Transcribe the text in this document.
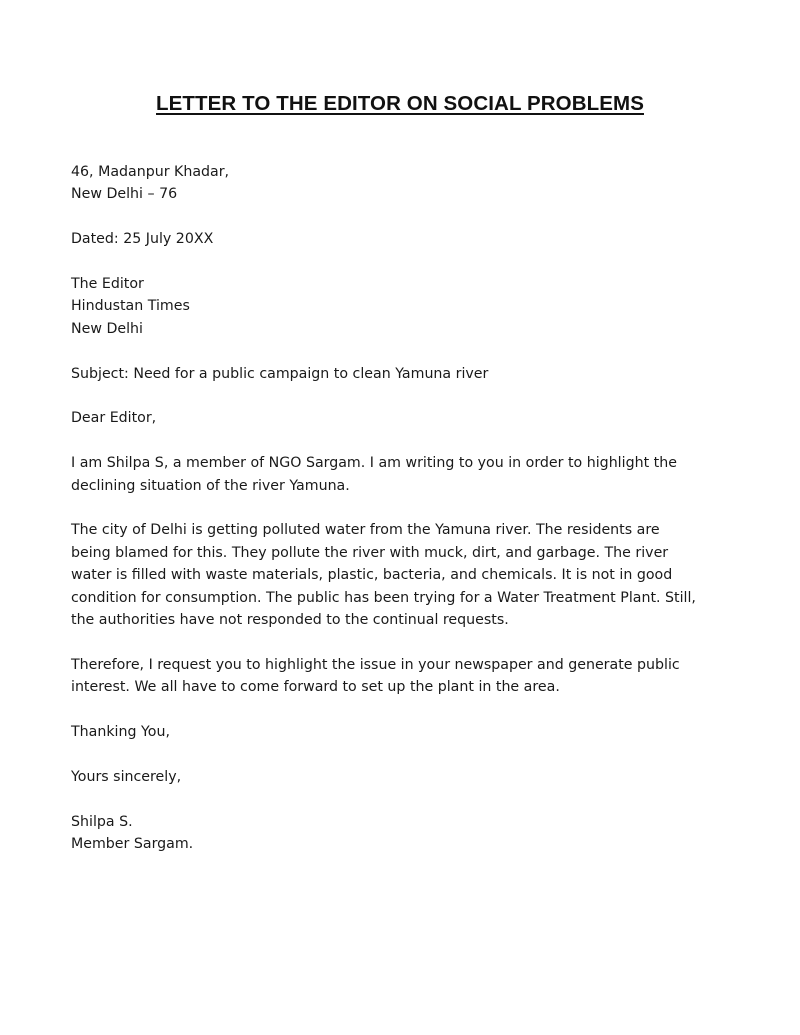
LETTER TO THE EDITOR ON SOCIAL PROBLEMS
46, Madanpur Khadar,
New Delhi – 76
Dated: 25 July 20XX
The Editor
Hindustan Times
New Delhi
Subject: Need for a public campaign to clean Yamuna river
Dear Editor,
I am Shilpa S, a member of NGO Sargam. I am writing to you in order to highlight the
declining situation of the river Yamuna.
The city of Delhi is getting polluted water from the Yamuna river. The residents are
being blamed for this. They pollute the river with muck, dirt, and garbage. The river
water is filled with waste materials, plastic, bacteria, and chemicals. It is not in good
condition for consumption. The public has been trying for a Water Treatment Plant. Still,
the authorities have not responded to the continual requests.
Therefore, I request you to highlight the issue in your newspaper and generate public
interest. We all have to come forward to set up the plant in the area.
Thanking You,
Yours sincerely,
Shilpa S.
Member Sargam.
